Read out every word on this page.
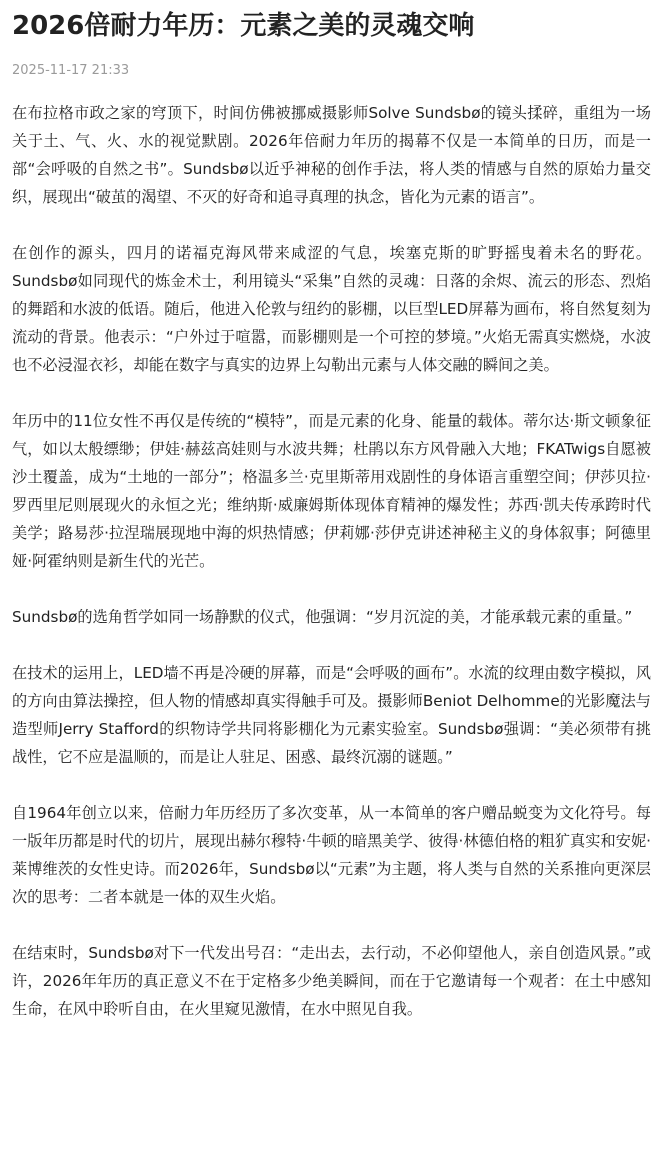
2026倍耐力年历：元素之美的灵魂交响
2025-11-17 21:33

在布拉格市政之家的穹顶下，时间仿佛被挪威摄影师Solve Sundsbø的镜头揉碎，重组为一场关于土、气、火、水的视觉默剧。2026年倍耐力年历的揭幕不仅是一本简单的日历，而是一部“会呼吸的自然之书”。Sundsbø以近乎神秘的创作手法，将人类的情感与自然的原始力量交织，展现出“破茧的渴望、不灭的好奇和追寻真理的执念，皆化为元素的语言”。

在创作的源头，四月的诺福克海风带来咸涩的气息，埃塞克斯的旷野摇曳着未名的野花。Sundsbø如同现代的炼金术士，利用镜头“采集”自然的灵魂：日落的余烬、流云的形态、烈焰的舞蹈和水波的低语。随后，他进入伦敦与纽约的影棚，以巨型LED屏幕为画布，将自然复刻为流动的背景。他表示：“户外过于喧嚣，而影棚则是一个可控的梦境。”火焰无需真实燃烧，水波也不必浸湿衣衫，却能在数字与真实的边界上勾勒出元素与人体交融的瞬间之美。

年历中的11位女性不再仅是传统的“模特”，而是元素的化身、能量的载体。蒂尔达·斯文顿象征气，如以太般缥缈；伊娃·赫兹高娃则与水波共舞；杜鹃以东方风骨融入大地；FKATwigs自愿被沙土覆盖，成为“土地的一部分”；格温多兰·克里斯蒂用戏剧性的身体语言重塑空间；伊莎贝拉·罗西里尼则展现火的永恒之光；维纳斯·威廉姆斯体现体育精神的爆发性；苏西·凯夫传承跨时代美学；路易莎·拉涅瑞展现地中海的炽热情感；伊莉娜·莎伊克讲述神秘主义的身体叙事；阿德里娅·阿霍纳则是新生代的光芒。

Sundsbø的选角哲学如同一场静默的仪式，他强调：“岁月沉淀的美，才能承载元素的重量。”

在技术的运用上，LED墙不再是冷硬的屏幕，而是“会呼吸的画布”。水流的纹理由数字模拟，风的方向由算法操控，但人物的情感却真实得触手可及。摄影师Beniot Delhomme的光影魔法与造型师Jerry Stafford的织物诗学共同将影棚化为元素实验室。Sundsbø强调：“美必须带有挑战性，它不应是温顺的，而是让人驻足、困惑、最终沉溺的谜题。”

自1964年创立以来，倍耐力年历经历了多次变革，从一本简单的客户赠品蜕变为文化符号。每一版年历都是时代的切片，展现出赫尔穆特·牛顿的暗黑美学、彼得·林德伯格的粗犷真实和安妮·莱博维茨的女性史诗。而2026年，Sundsbø以“元素”为主题，将人类与自然的关系推向更深层次的思考：二者本就是一体的双生火焰。

在结束时，Sundsbø对下一代发出号召：“走出去，去行动，不必仰望他人，亲自创造风景。”或许，2026年年历的真正意义不在于定格多少绝美瞬间，而在于它邀请每一个观者：在土中感知生命，在风中聆听自由，在火里窥见激情，在水中照见自我。
